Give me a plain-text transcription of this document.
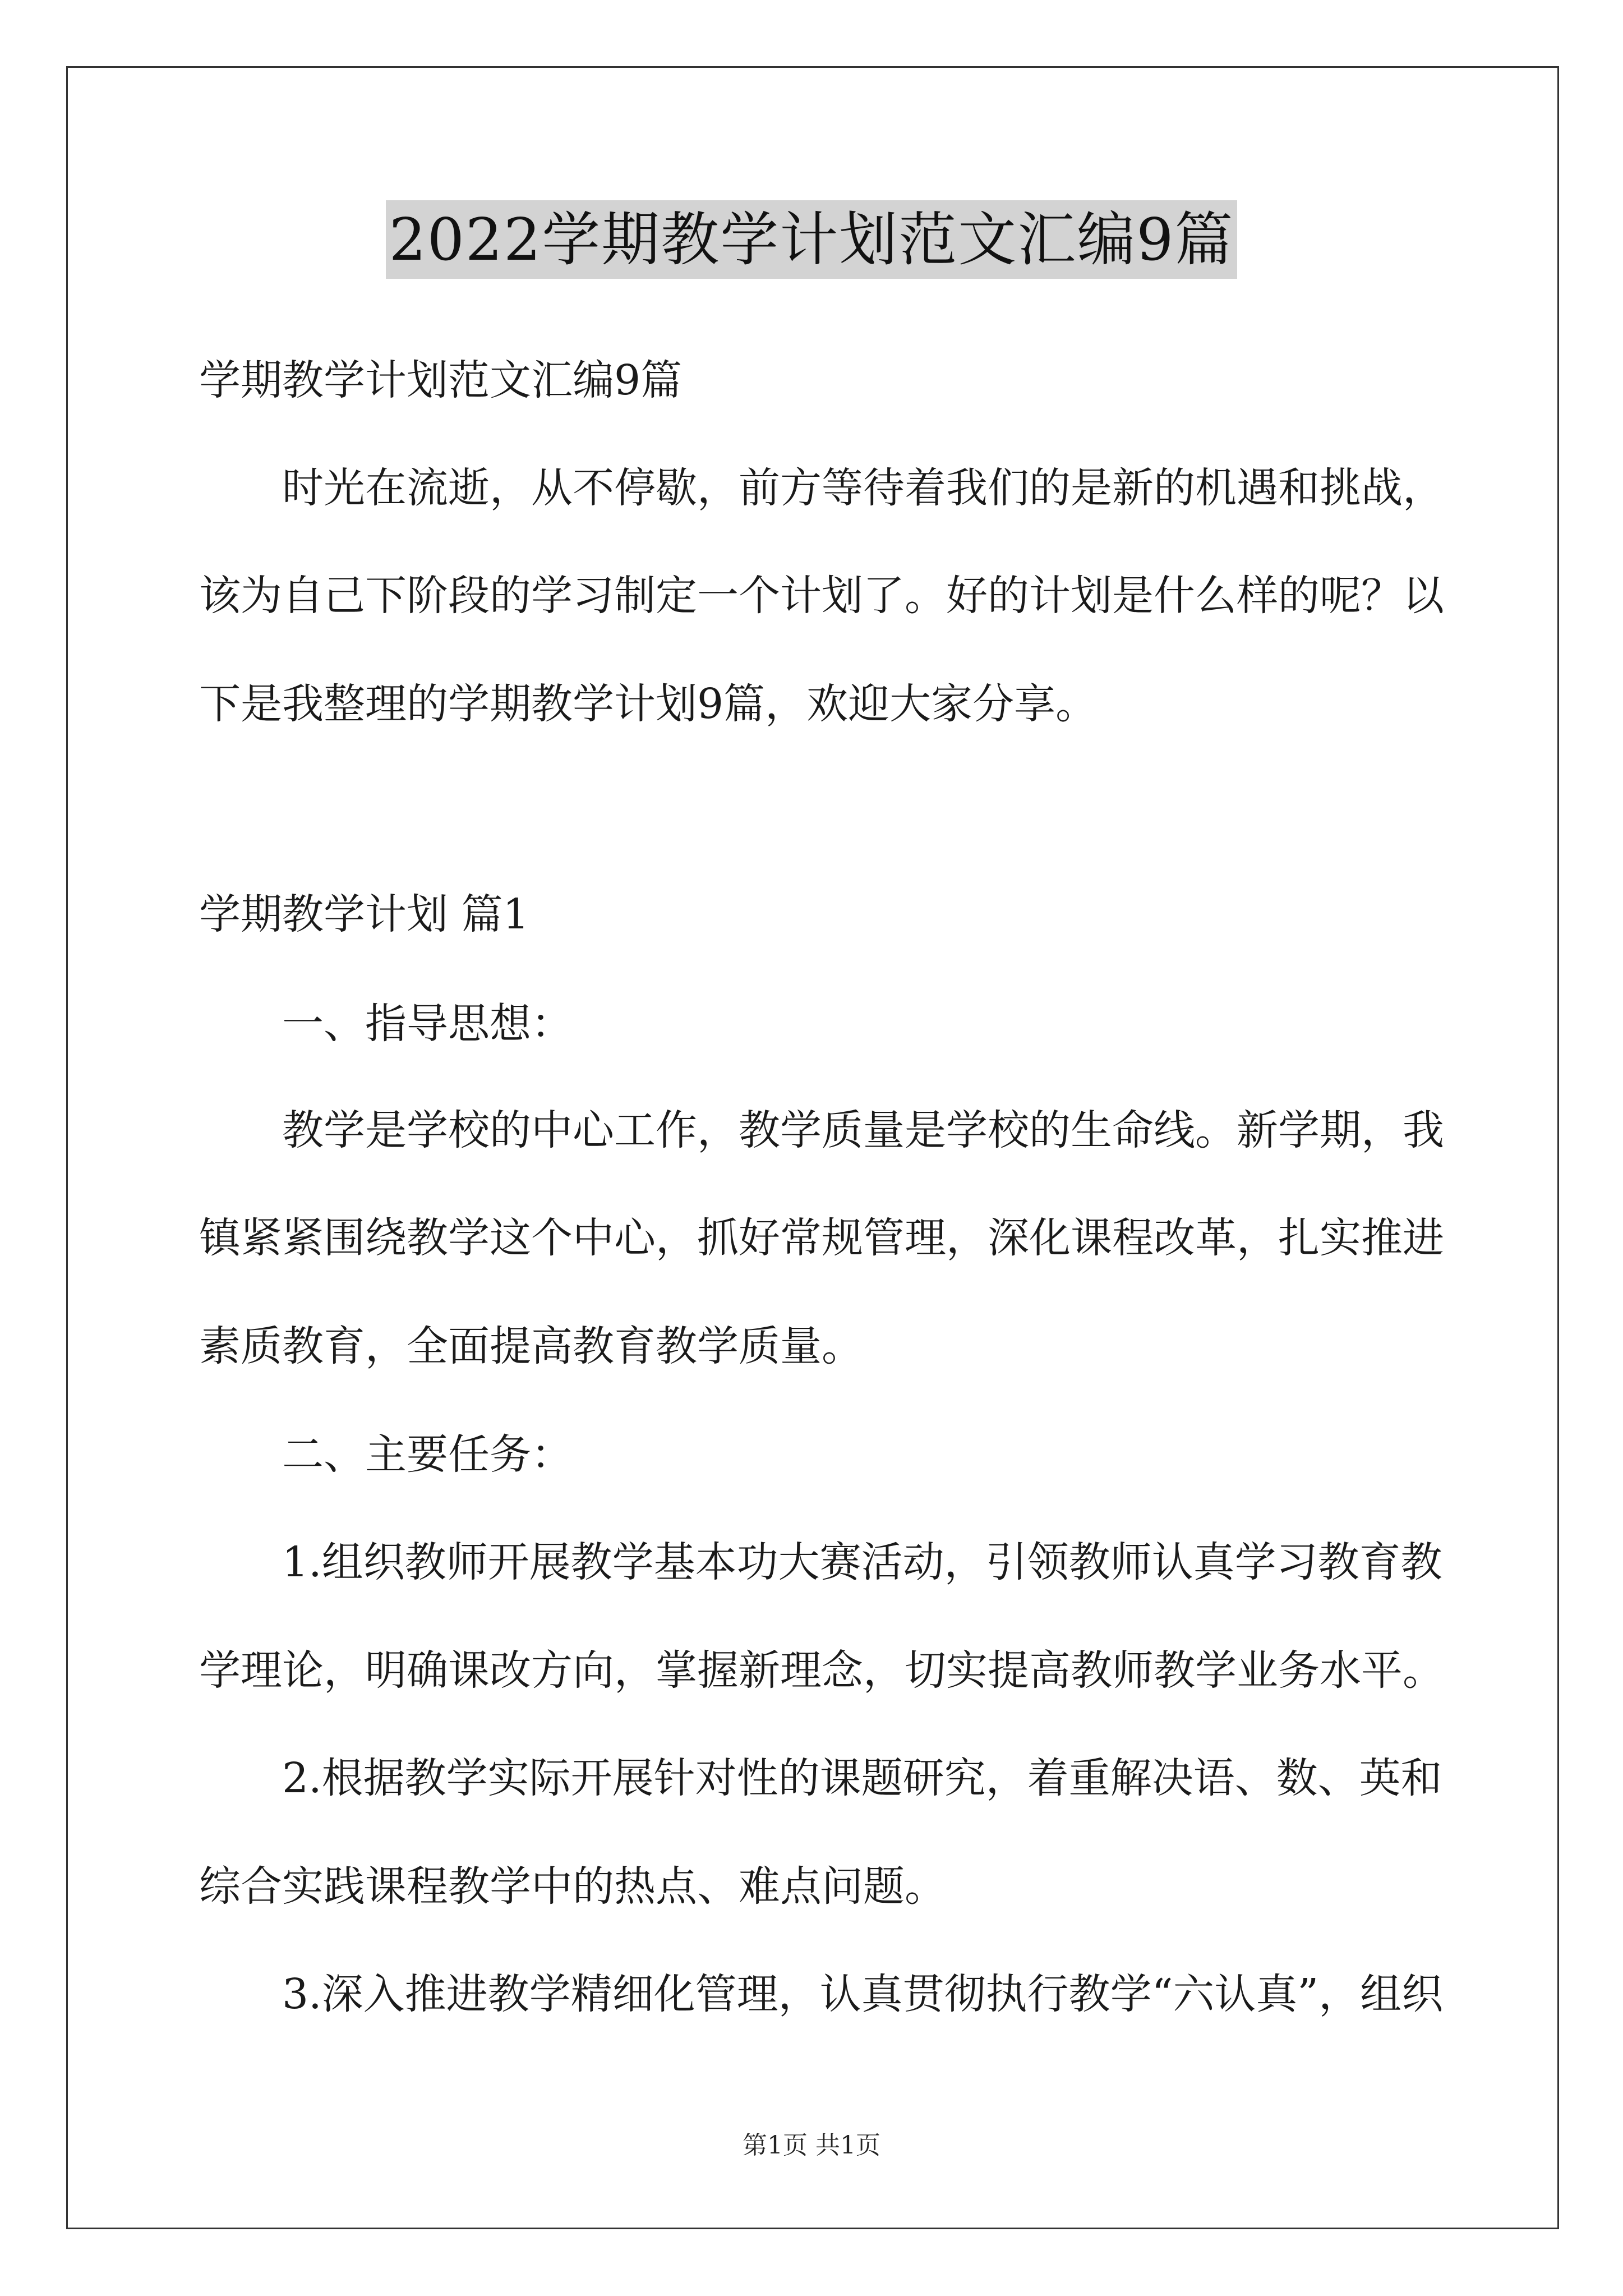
2022学期教学计划范文汇编9篇
学期教学计划范文汇编9篇
时光在流逝，从不停歇，前方等待着我们的是新的机遇和挑战，
该为自己下阶段的学习制定一个计划了。好的计划是什么样的呢？以
下是我整理的学期教学计划9篇，欢迎大家分享。
学期教学计划 篇1
一、指导思想：
教学是学校的中心工作，教学质量是学校的生命线。新学期，我
镇紧紧围绕教学这个中心，抓好常规管理，深化课程改革，扎实推进
素质教育，全面提高教育教学质量。
二、主要任务：
1.组织教师开展教学基本功大赛活动，引领教师认真学习教育教
学理论，明确课改方向，掌握新理念，切实提高教师教学业务水平。
2.根据教学实际开展针对性的课题研究，着重解决语、数、英和
综合实践课程教学中的热点、难点问题。
3.深入推进教学精细化管理，认真贯彻执行教学“六认真”，组织
第1页 共1页
